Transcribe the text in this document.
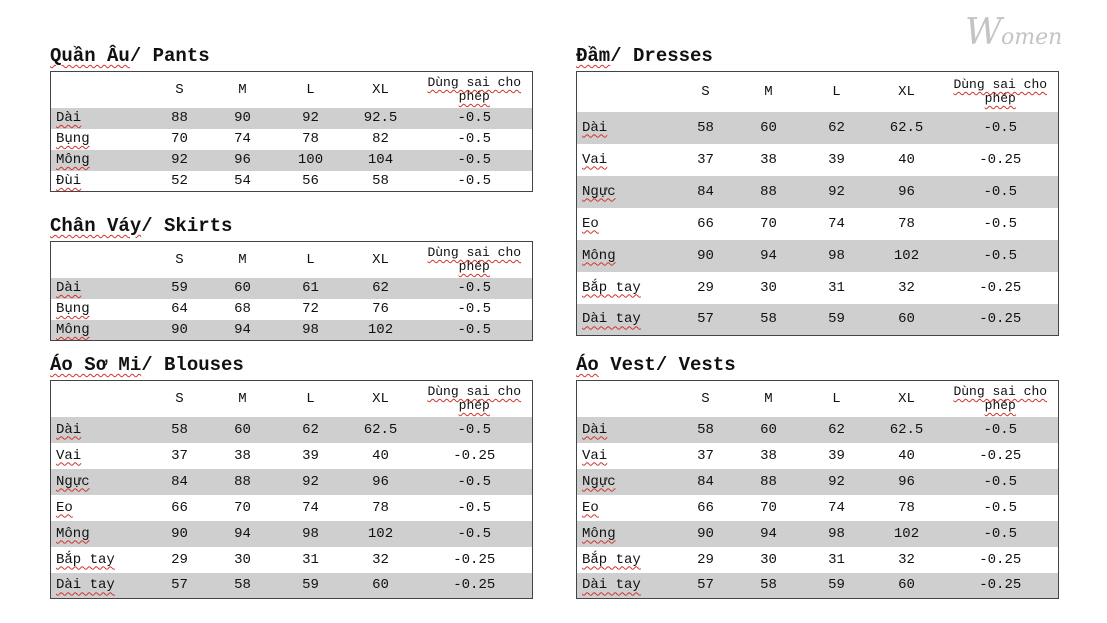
Women
Quần Âu/ Pants
	S	M	L	XL	Dùng sai cho phép
Dài	88	90	92	92.5	-0.5
Bụng	70	74	78	82	-0.5
Mông	92	96	100	104	-0.5
Đùi	52	54	56	58	-0.5
Chân Váy/ Skirts
	S	M	L	XL	Dùng sai cho phép
Dài	59	60	61	62	-0.5
Bụng	64	68	72	76	-0.5
Mông	90	94	98	102	-0.5
Áo Sơ Mi/ Blouses
	S	M	L	XL	Dùng sai cho phép
Dài	58	60	62	62.5	-0.5
Vai	37	38	39	40	-0.25
Ngực	84	88	92	96	-0.5
Eo	66	70	74	78	-0.5
Mông	90	94	98	102	-0.5
Bắp tay	29	30	31	32	-0.25
Dài tay	57	58	59	60	-0.25
Đầm/ Dresses
	S	M	L	XL	Dùng sai cho phép
Dài	58	60	62	62.5	-0.5
Vai	37	38	39	40	-0.25
Ngực	84	88	92	96	-0.5
Eo	66	70	74	78	-0.5
Mông	90	94	98	102	-0.5
Bắp tay	29	30	31	32	-0.25
Dài tay	57	58	59	60	-0.25
Áo Vest/ Vests
	S	M	L	XL	Dùng sai cho phép
Dài	58	60	62	62.5	-0.5
Vai	37	38	39	40	-0.25
Ngực	84	88	92	96	-0.5
Eo	66	70	74	78	-0.5
Mông	90	94	98	102	-0.5
Bắp tay	29	30	31	32	-0.25
Dài tay	57	58	59	60	-0.25
